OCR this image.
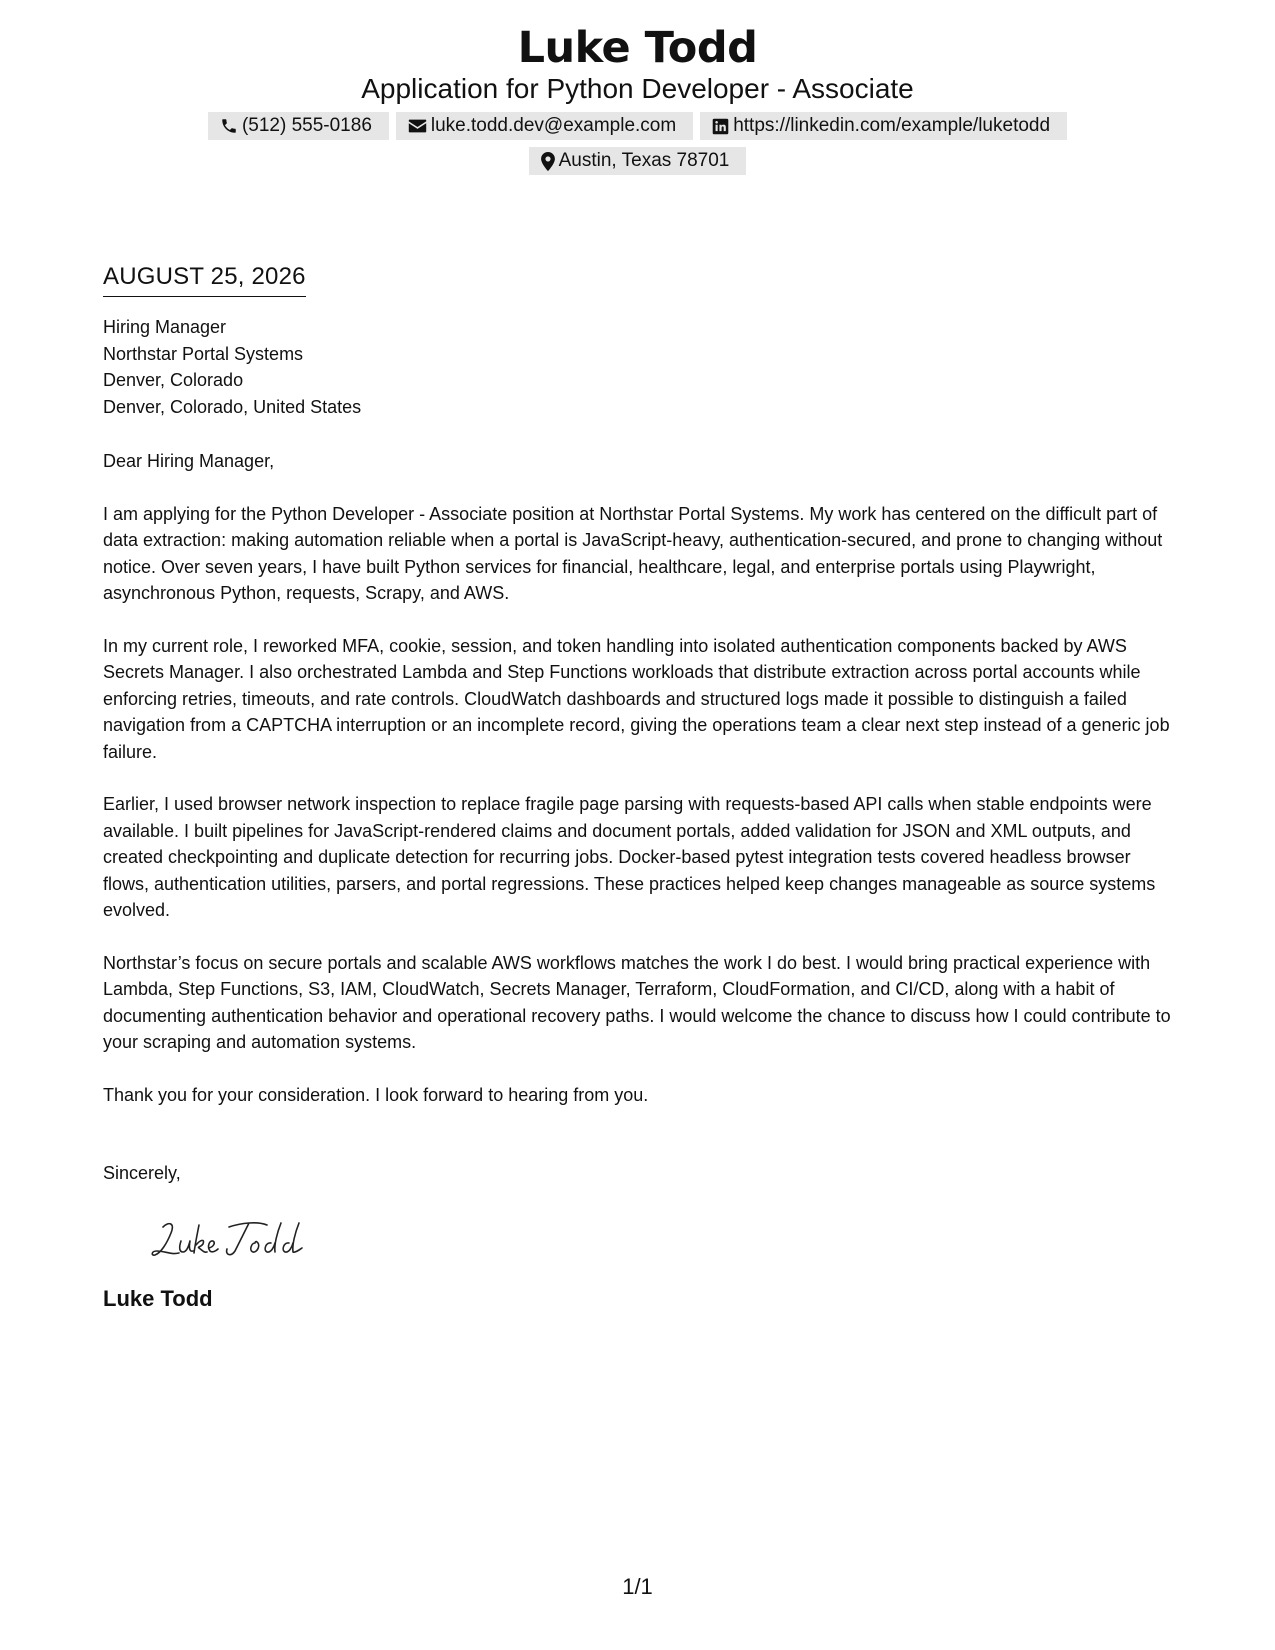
Luke Todd
Application for Python Developer - Associate
(512) 555-0186	luke.todd.dev@example.com	https://linkedin.com/example/luketodd
Austin, Texas 78701
AUGUST 25, 2026
Hiring Manager
Northstar Portal Systems
Denver, Colorado
Denver, Colorado, United States
Dear Hiring Manager,
I am applying for the Python Developer - Associate position at Northstar Portal Systems. My work has centered on the difficult part of data extraction: making automation reliable when a portal is JavaScript-heavy, authentication-secured, and prone to changing without notice. Over seven years, I have built Python services for financial, healthcare, legal, and enterprise portals using Playwright, asynchronous Python, requests, Scrapy, and AWS.
In my current role, I reworked MFA, cookie, session, and token handling into isolated authentication components backed by AWS Secrets Manager. I also orchestrated Lambda and Step Functions workloads that distribute extraction across portal accounts while enforcing retries, timeouts, and rate controls. CloudWatch dashboards and structured logs made it possible to distinguish a failed navigation from a CAPTCHA interruption or an incomplete record, giving the operations team a clear next step instead of a generic job failure.
Earlier, I used browser network inspection to replace fragile page parsing with requests-based API calls when stable endpoints were available. I built pipelines for JavaScript-rendered claims and document portals, added validation for JSON and XML outputs, and created checkpointing and duplicate detection for recurring jobs. Docker-based pytest integration tests covered headless browser flows, authentication utilities, parsers, and portal regressions. These practices helped keep changes manageable as source systems evolved.
Northstar’s focus on secure portals and scalable AWS workflows matches the work I do best. I would bring practical experience with Lambda, Step Functions, S3, IAM, CloudWatch, Secrets Manager, Terraform, CloudFormation, and CI/CD, along with a habit of documenting authentication behavior and operational recovery paths. I would welcome the chance to discuss how I could contribute to your scraping and automation systems.
Thank you for your consideration. I look forward to hearing from you.
Sincerely,
Luke Todd
1/1
